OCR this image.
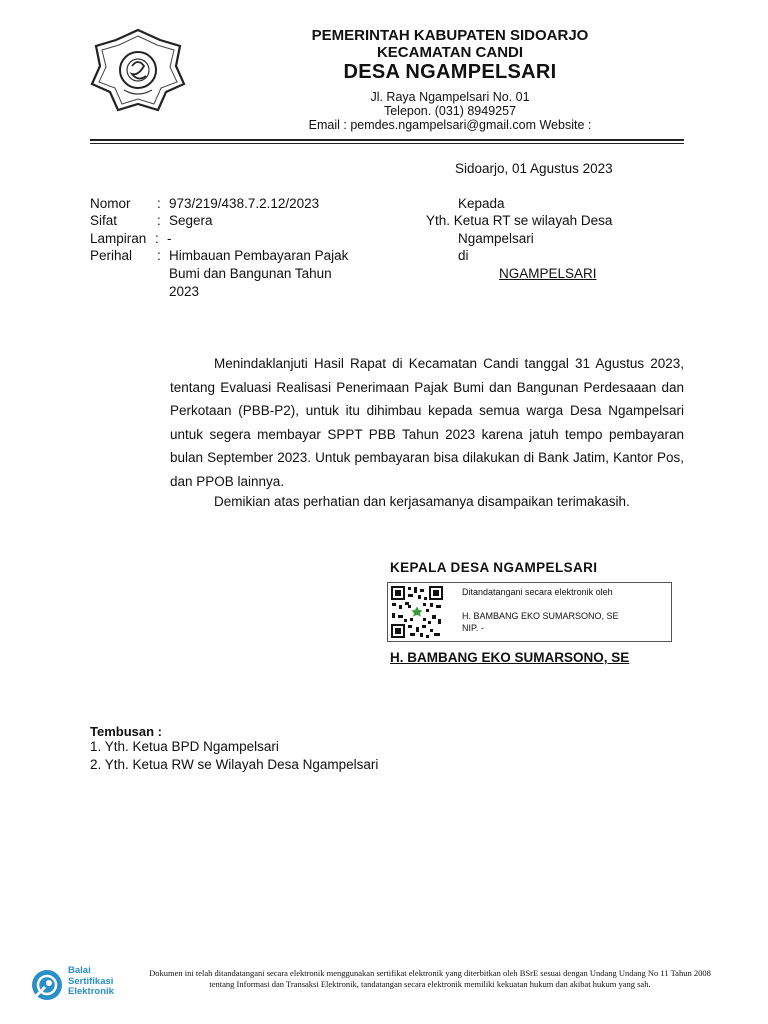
PEMERINTAH KABUPATEN SIDOARJO
KECAMATAN CANDI
DESA NGAMPELSARI
Jl. Raya Ngampelsari No. 01
Telepon. (031) 8949257
Email : pemdes.ngampelsari@gmail.com Website :
Sidoarjo, 01 Agustus 2023
Nomor : 973/219/438.7.2.12/2023
Sifat	: Segera
Lampiran : -
Perihal : Himbauan Pembayaran Pajak
Bumi dan Bangunan Tahun
2023
Kepada
Yth. Ketua RT se wilayah Desa
Ngampelsari
di
NGAMPELSARI
Menindaklanjuti Hasil Rapat di Kecamatan Candi tanggal 31 Agustus 2023, tentang Evaluasi Realisasi Penerimaan Pajak Bumi dan Bangunan Perdesaaan dan Perkotaan (PBB-P2), untuk itu dihimbau kepada semua warga Desa Ngampelsari untuk segera membayar SPPT PBB Tahun 2023 karena jatuh tempo pembayaran bulan September 2023. Untuk pembayaran bisa dilakukan di Bank Jatim, Kantor Pos, dan PPOB lainnya.
Demikian atas perhatian dan kerjasamanya disampaikan terimakasih.
KEPALA DESA NGAMPELSARI
Ditandatangani secara elektronik oleh
H. BAMBANG EKO SUMARSONO, SE
NIP. -
H. BAMBANG EKO SUMARSONO, SE
Tembusan :
1. Yth. Ketua BPD Ngampelsari
2. Yth. Ketua RW se Wilayah Desa Ngampelsari
Balai
Sertifikasi
Elektronik
Dokumen ini telah ditandatangani secara elektronik menggunakan sertifikat elektronik yang diterbitkan oleh BSrE sesuai dengan Undang Undang No 11 Tahun 2008 tentang Informasi dan Transaksi Elektronik, tandatangan secara elektronik memiliki kekuatan hukum dan akibat hukum yang sah.
